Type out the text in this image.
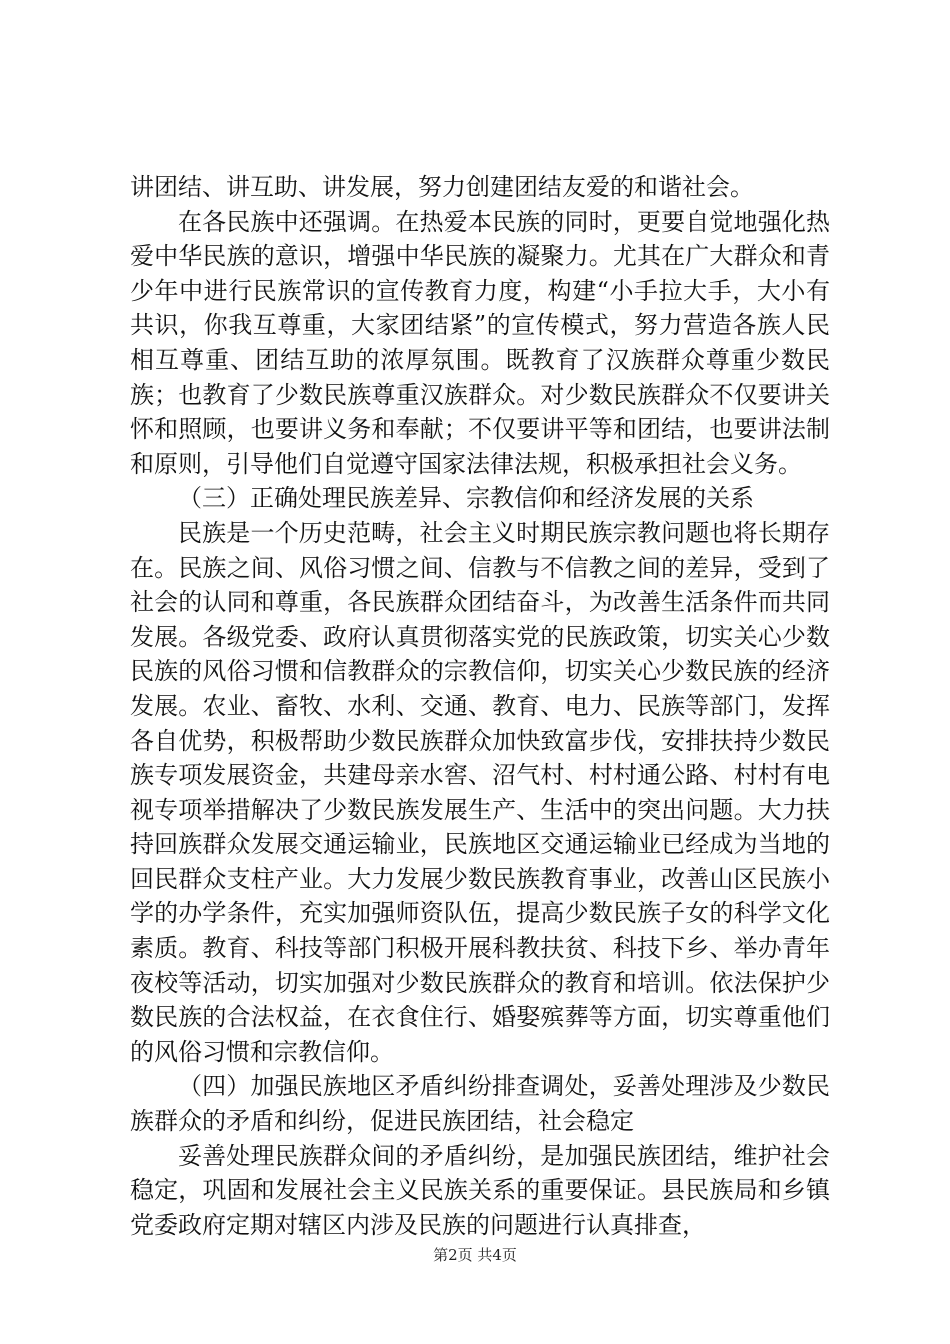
讲团结、讲互助、讲发展，努力创建团结友爱的和谐社会。

在各民族中还强调。在热爱本民族的同时，更要自觉地强化热爱中华民族的意识，增强中华民族的凝聚力。尤其在广大群众和青少年中进行民族常识的宣传教育力度，构建“小手拉大手，大小有共识，你我互尊重，大家团结紧”的宣传模式，努力营造各族人民相互尊重、团结互助的浓厚氛围。既教育了汉族群众尊重少数民族；也教育了少数民族尊重汉族群众。对少数民族群众不仅要讲关怀和照顾，也要讲义务和奉献；不仅要讲平等和团结，也要讲法制和原则，引导他们自觉遵守国家法律法规，积极承担社会义务。

（三）正确处理民族差异、宗教信仰和经济发展的关系

民族是一个历史范畴，社会主义时期民族宗教问题也将长期存在。民族之间、风俗习惯之间、信教与不信教之间的差异，受到了社会的认同和尊重，各民族群众团结奋斗，为改善生活条件而共同发展。各级党委、政府认真贯彻落实党的民族政策，切实关心少数民族的风俗习惯和信教群众的宗教信仰，切实关心少数民族的经济发展。农业、畜牧、水利、交通、教育、电力、民族等部门，发挥各自优势，积极帮助少数民族群众加快致富步伐，安排扶持少数民族专项发展资金，共建母亲水窖、沼气村、村村通公路、村村有电视专项举措解决了少数民族发展生产、生活中的突出问题。大力扶持回族群众发展交通运输业，民族地区交通运输业已经成为当地的回民群众支柱产业。大力发展少数民族教育事业，改善山区民族小学的办学条件，充实加强师资队伍，提高少数民族子女的科学文化素质。教育、科技等部门积极开展科教扶贫、科技下乡、举办青年夜校等活动，切实加强对少数民族群众的教育和培训。依法保护少数民族的合法权益，在衣食住行、婚娶殡葬等方面，切实尊重他们的风俗习惯和宗教信仰。

（四）加强民族地区矛盾纠纷排查调处，妥善处理涉及少数民族群众的矛盾和纠纷，促进民族团结，社会稳定

妥善处理民族群众间的矛盾纠纷，是加强民族团结，维护社会稳定，巩固和发展社会主义民族关系的重要保证。县民族局和乡镇党委政府定期对辖区内涉及民族的问题进行认真排查，

第2页 共4页
